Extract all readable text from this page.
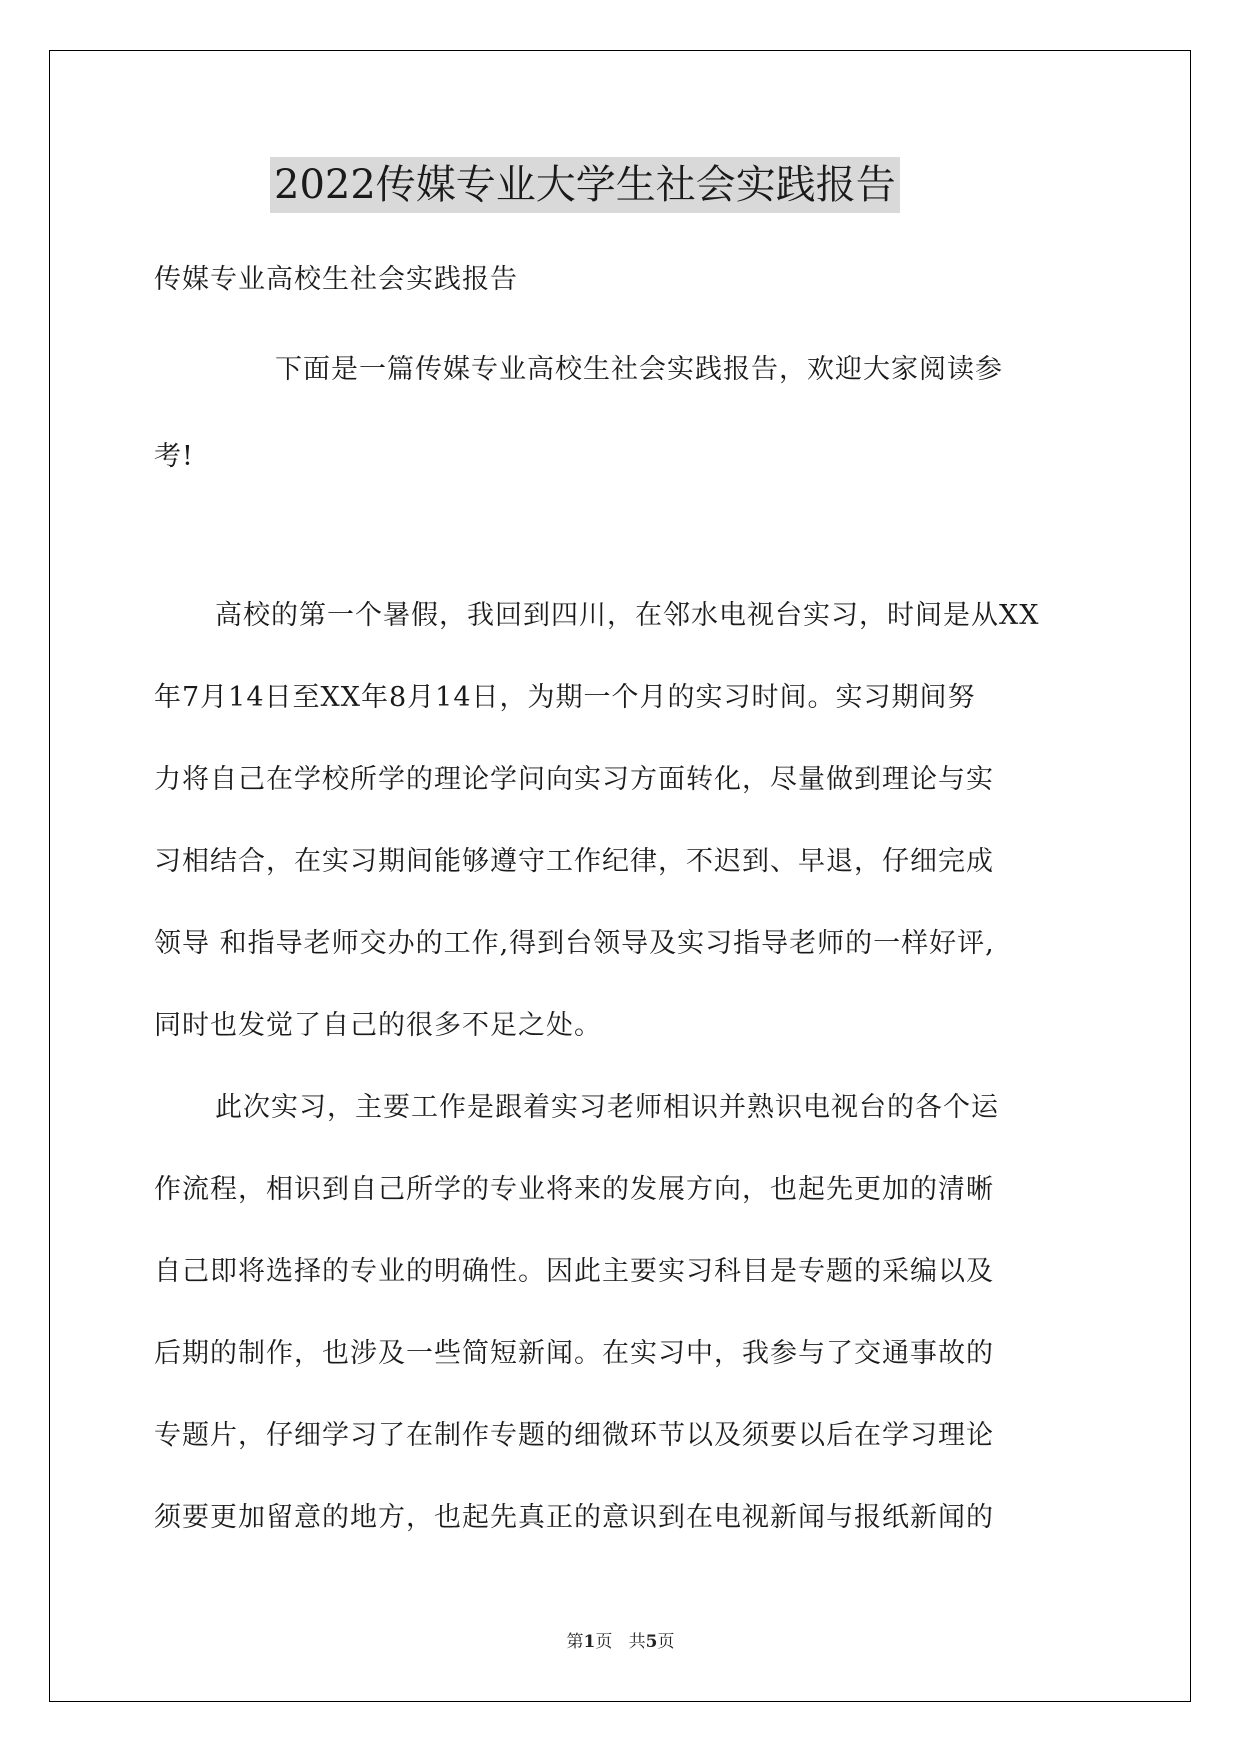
2022传媒专业大学生社会实践报告
传媒专业高校生社会实践报告
下面是一篇传媒专业高校生社会实践报告，欢迎大家阅读参
考!
高校的第一个暑假，我回到四川，在邻水电视台实习，时间是从XX
年7月14日至XX年8月14日，为期一个月的实习时间。实习期间努
力将自己在学校所学的理论学问向实习方面转化，尽量做到理论与实
习相结合，在实习期间能够遵守工作纪律，不迟到、早退，仔细完成
领导 和指导老师交办的工作,得到台领导及实习指导老师的一样好评,
同时也发觉了自己的很多不足之处。
此次实习，主要工作是跟着实习老师相识并熟识电视台的各个运
作流程，相识到自己所学的专业将来的发展方向，也起先更加的清晰
自己即将选择的专业的明确性。因此主要实习科目是专题的采编以及
后期的制作，也涉及一些简短新闻。在实习中，我参与了交通事故的
专题片，仔细学习了在制作专题的细微环节以及须要以后在学习理论
须要更加留意的地方，也起先真正的意识到在电视新闻与报纸新闻的
第1页 共5页
